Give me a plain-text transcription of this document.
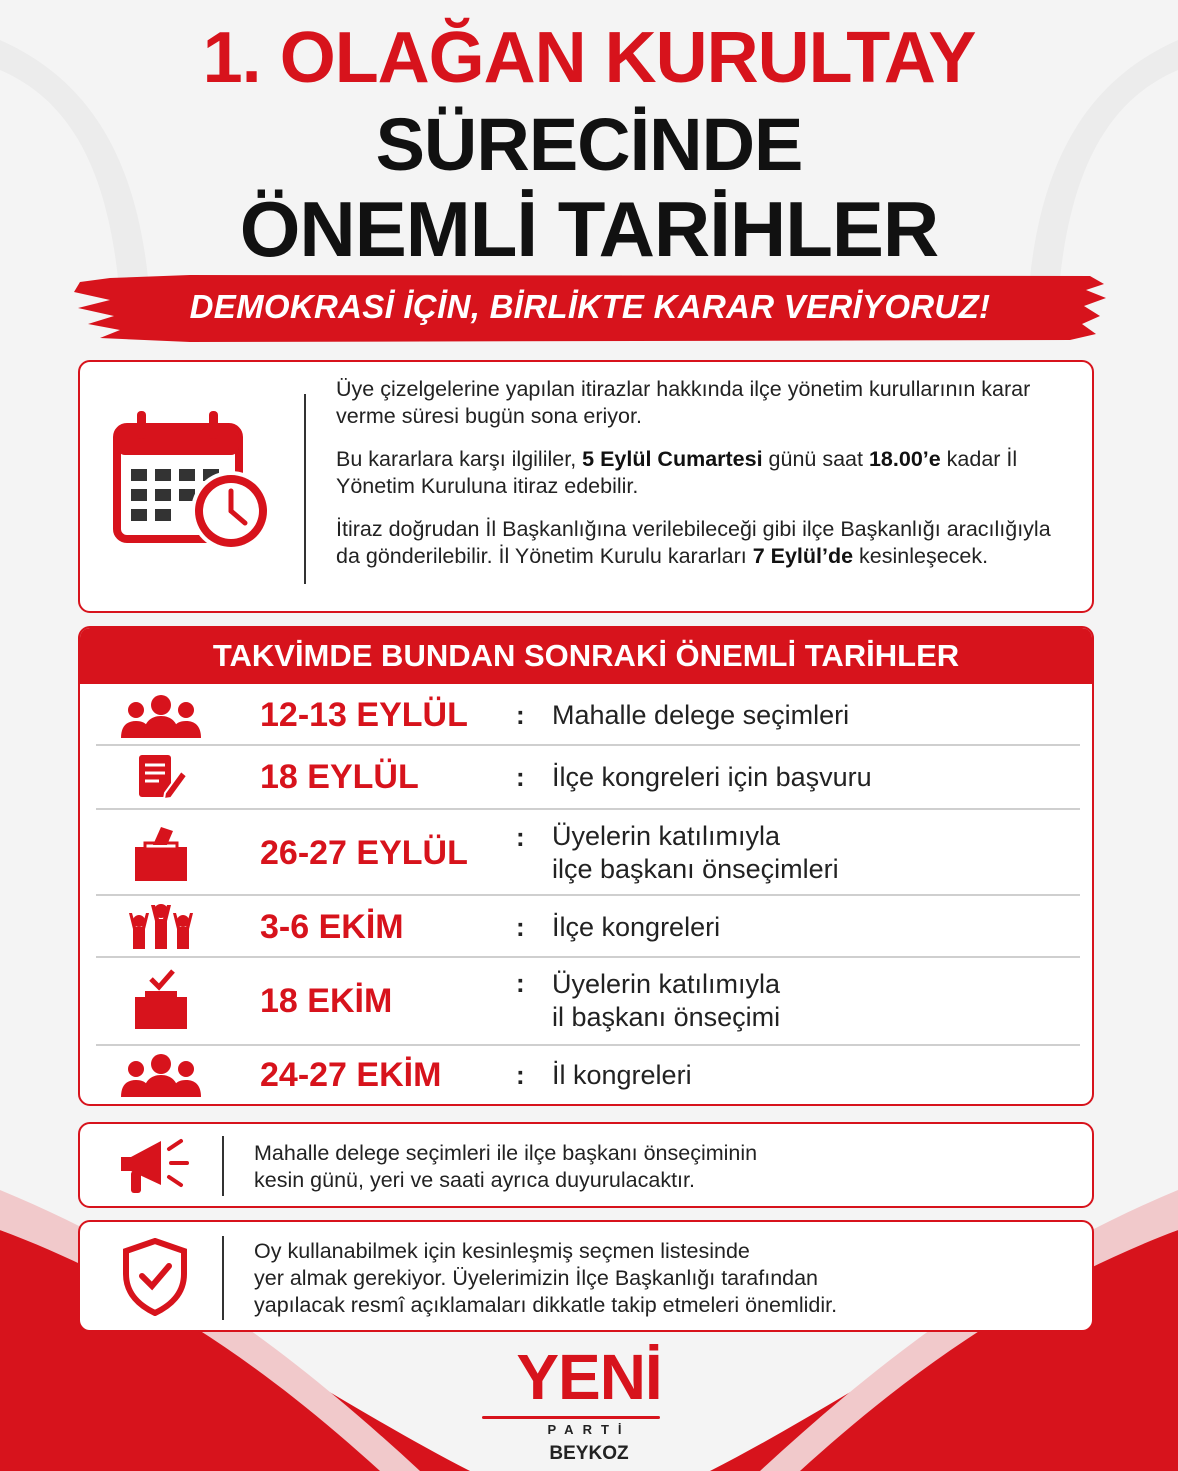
1. OLAĞAN KURULTAY
SÜRECİNDE
ÖNEMLİ TARİHLER
DEMOKRASİ İÇİN, BİRLİKTE KARAR VERİYORUZ!

Üye çizelgelerine yapılan itirazlar hakkında ilçe yönetim kurullarının karar verme süresi bugün sona eriyor.

Bu kararlara karşı ilgililer, 5 Eylül Cumartesi günü saat 18.00’e kadar İl Yönetim Kuruluna itiraz edebilir.

İtiraz doğrudan İl Başkanlığına verilebileceği gibi ilçe Başkanlığı aracılığıyla da gönderilebilir. İl Yönetim Kurulu kararları 7 Eylül’de kesinleşecek.

TAKVİMDE BUNDAN SONRAKİ ÖNEMLİ TARİHLER
12-13 EYLÜL : Mahalle delege seçimleri
18 EYLÜL	: İlçe kongreleri için başvuru
26-27 EYLÜL : Üyelerin katılımıyla
ilçe başkanı önseçimleri
3-6 EKİM	: İlçe kongreleri
18 EKİM	: Üyelerin katılımıyla
il başkanı önseçimi
24-27 EKİM	: İl kongreleri

Mahalle delege seçimleri ile ilçe başkanı önseçiminin
kesin günü, yeri ve saati ayrıca duyurulacaktır.

Oy kullanabilmek için kesinleşmiş seçmen listesinde
yer almak gerekiyor. Üyelerimizin İlçe Başkanlığı tarafından
yapılacak resmî açıklamaları dikkatle takip etmeleri önemlidir.

YENİ
PARTİ
BEYKOZ
